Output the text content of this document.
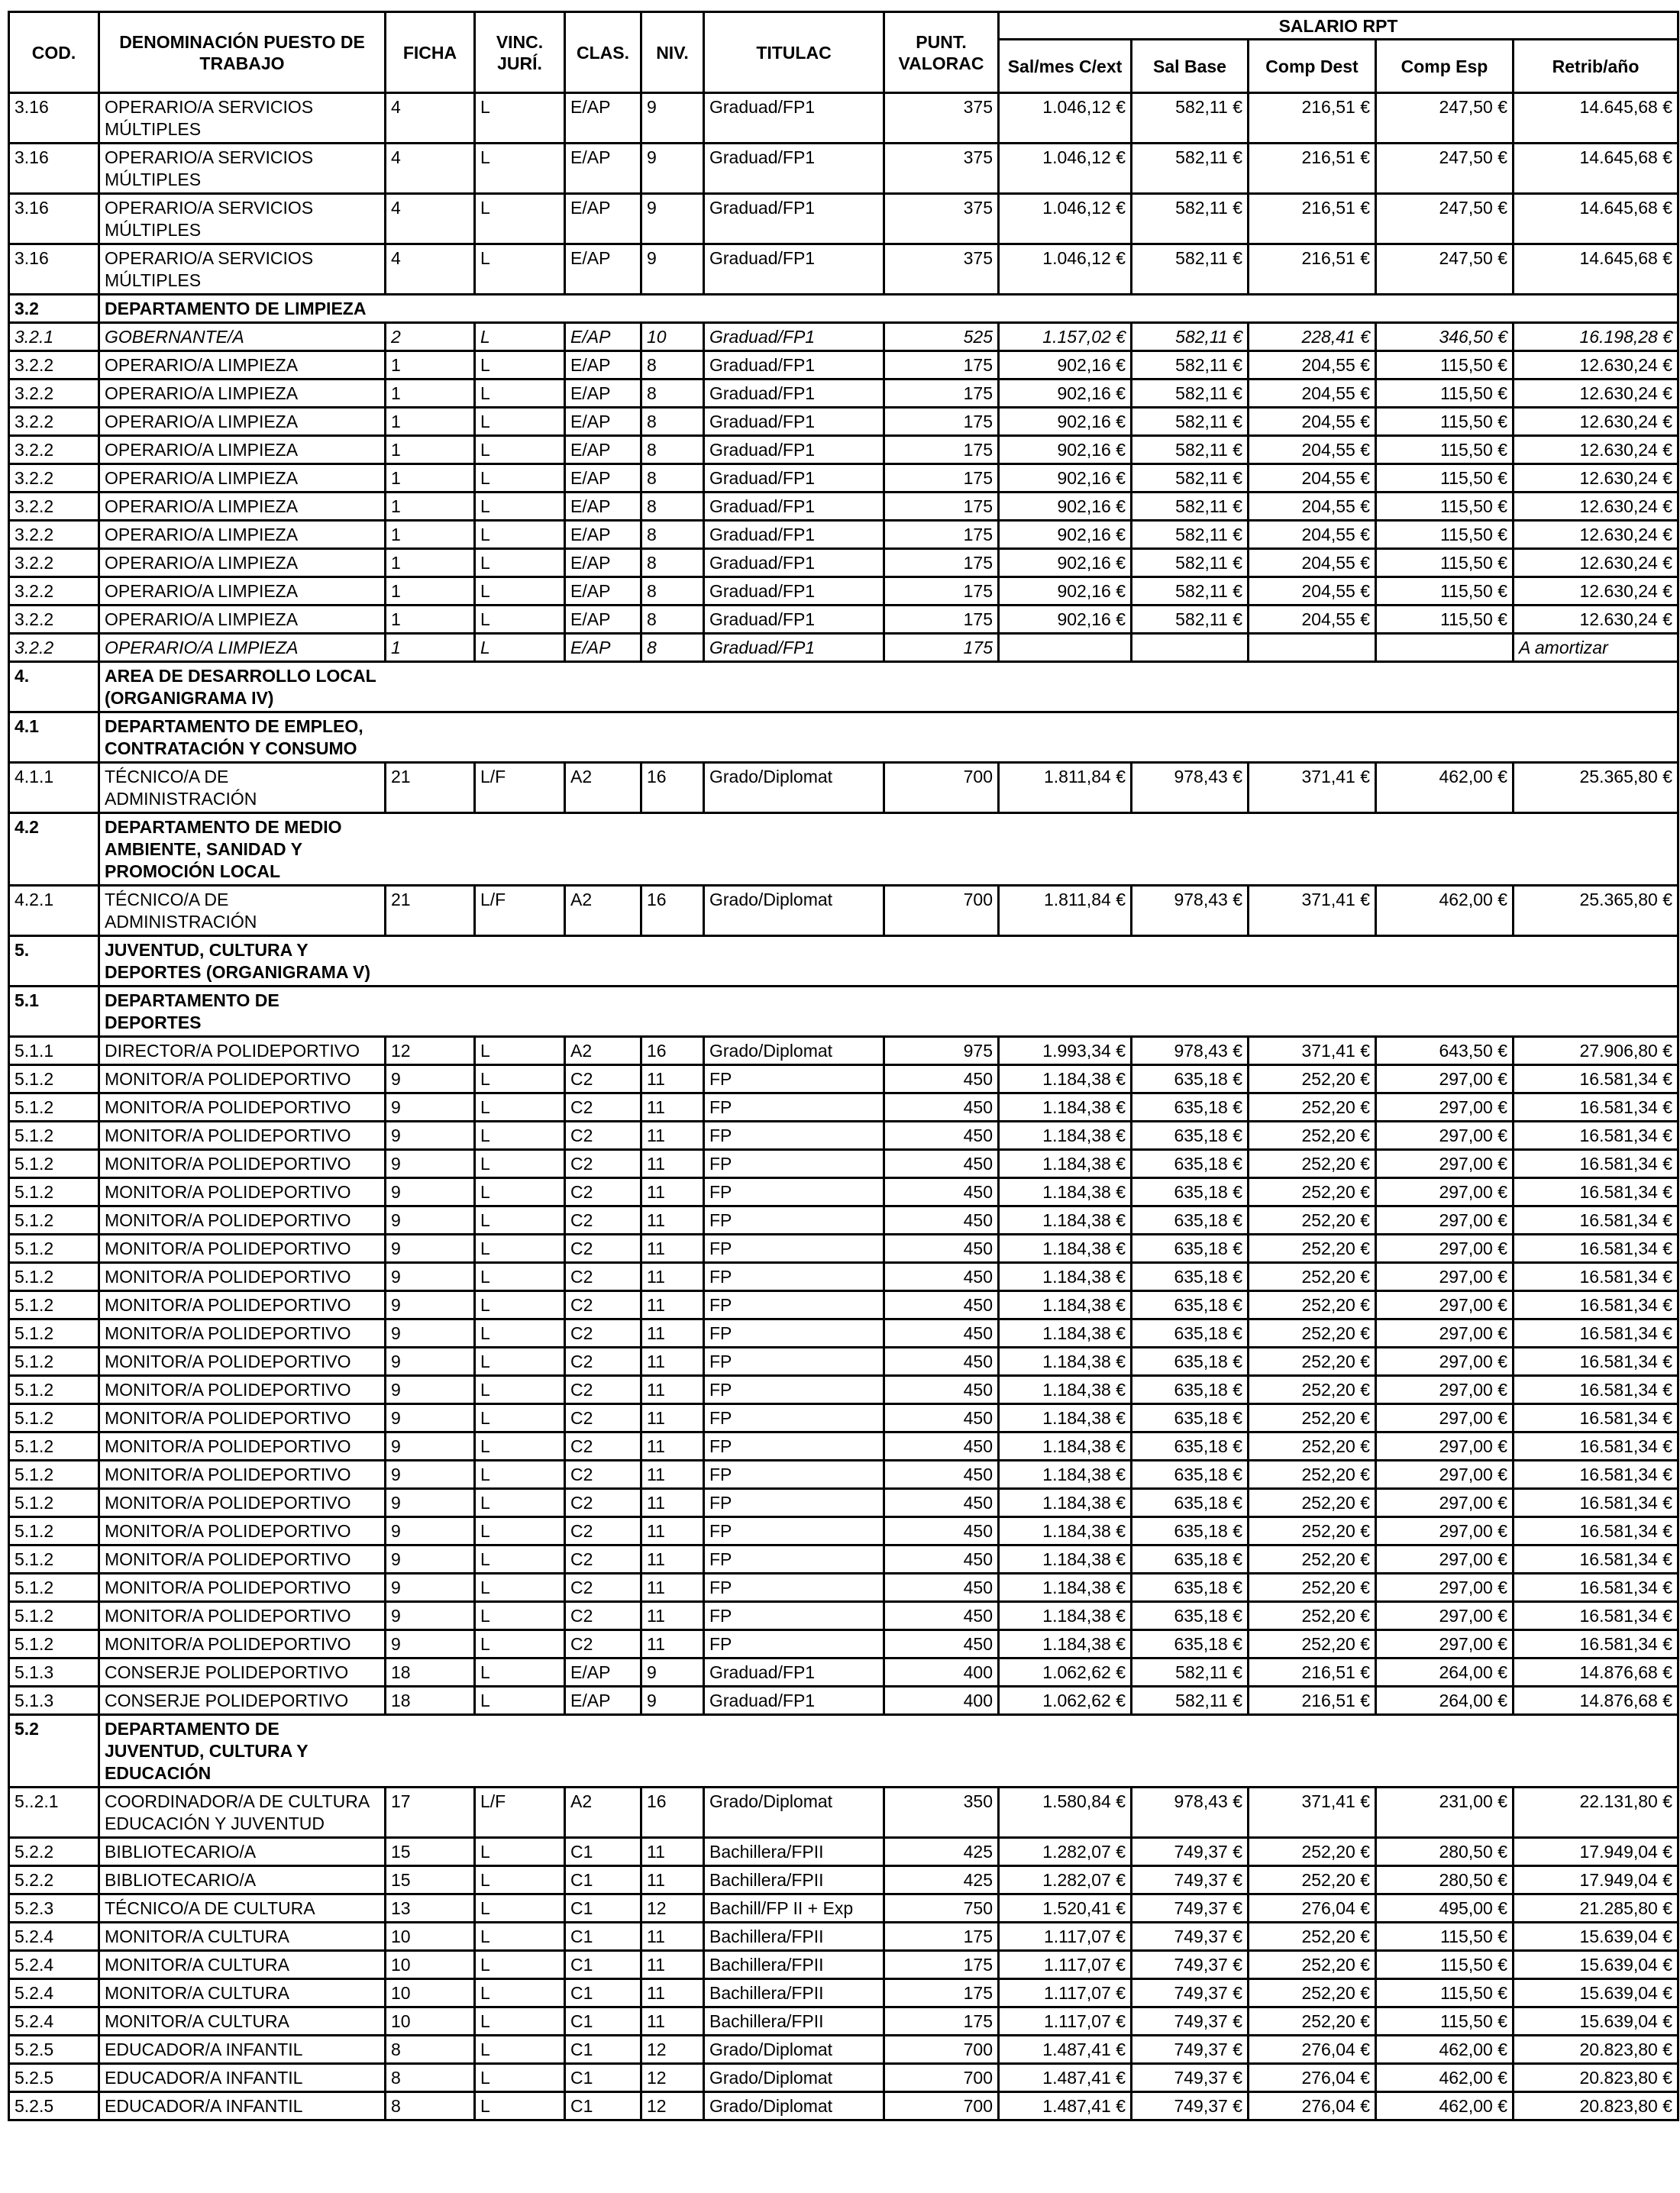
COD.	DENOMINACIÓN PUESTO DE TRABAJO	FICHA	VINC. JURÍ.	CLAS.	NIV.	TITULAC	PUNT. VALORAC	SALARIO RPT				
								Sal/mes C/ext	Sal Base	Comp Dest	Comp Esp	Retrib/año
3.16	OPERARIO/A SERVICIOS MÚLTIPLES	4	L	E/AP	9	Graduad/FP1	375	1.046,12 €	582,11 €	216,51 €	247,50 €	14.645,68 €
3.16	OPERARIO/A SERVICIOS MÚLTIPLES	4	L	E/AP	9	Graduad/FP1	375	1.046,12 €	582,11 €	216,51 €	247,50 €	14.645,68 €
3.16	OPERARIO/A SERVICIOS MÚLTIPLES	4	L	E/AP	9	Graduad/FP1	375	1.046,12 €	582,11 €	216,51 €	247,50 €	14.645,68 €
3.16	OPERARIO/A SERVICIOS MÚLTIPLES	4	L	E/AP	9	Graduad/FP1	375	1.046,12 €	582,11 €	216,51 €	247,50 €	14.645,68 €
3.2	DEPARTAMENTO DE LIMPIEZA											
3.2.1	GOBERNANTE/A	2	L	E/AP	10	Graduad/FP1	525	1.157,02 €	582,11 €	228,41 €	346,50 €	16.198,28 €
3.2.2	OPERARIO/A LIMPIEZA	1	L	E/AP	8	Graduad/FP1	175	902,16 €	582,11 €	204,55 €	115,50 €	12.630,24 €
3.2.2	OPERARIO/A LIMPIEZA	1	L	E/AP	8	Graduad/FP1	175	902,16 €	582,11 €	204,55 €	115,50 €	12.630,24 €
3.2.2	OPERARIO/A LIMPIEZA	1	L	E/AP	8	Graduad/FP1	175	902,16 €	582,11 €	204,55 €	115,50 €	12.630,24 €
3.2.2	OPERARIO/A LIMPIEZA	1	L	E/AP	8	Graduad/FP1	175	902,16 €	582,11 €	204,55 €	115,50 €	12.630,24 €
3.2.2	OPERARIO/A LIMPIEZA	1	L	E/AP	8	Graduad/FP1	175	902,16 €	582,11 €	204,55 €	115,50 €	12.630,24 €
3.2.2	OPERARIO/A LIMPIEZA	1	L	E/AP	8	Graduad/FP1	175	902,16 €	582,11 €	204,55 €	115,50 €	12.630,24 €
3.2.2	OPERARIO/A LIMPIEZA	1	L	E/AP	8	Graduad/FP1	175	902,16 €	582,11 €	204,55 €	115,50 €	12.630,24 €
3.2.2	OPERARIO/A LIMPIEZA	1	L	E/AP	8	Graduad/FP1	175	902,16 €	582,11 €	204,55 €	115,50 €	12.630,24 €
3.2.2	OPERARIO/A LIMPIEZA	1	L	E/AP	8	Graduad/FP1	175	902,16 €	582,11 €	204,55 €	115,50 €	12.630,24 €
3.2.2	OPERARIO/A LIMPIEZA	1	L	E/AP	8	Graduad/FP1	175	902,16 €	582,11 €	204,55 €	115,50 €	12.630,24 €
3.2.2	OPERARIO/A LIMPIEZA	1	L	E/AP	8	Graduad/FP1	175					A amortizar
4.	AREA DE DESARROLLO LOCAL (ORGANIGRAMA IV)											
4.1	DEPARTAMENTO DE EMPLEO, CONTRATACIÓN Y CONSUMO											
4.1.1	TÉCNICO/A DE ADMINISTRACIÓN	21	L/F	A2	16	Grado/Diplomat	700	1.811,84 €	978,43 €	371,41 €	462,00 €	25.365,80 €
4.2	DEPARTAMENTO DE MEDIO AMBIENTE, SANIDAD Y PROMOCIÓN LOCAL											
4.2.1	TÉCNICO/A DE ADMINISTRACIÓN	21	L/F	A2	16	Grado/Diplomat	700	1.811,84 €	978,43 €	371,41 €	462,00 €	25.365,80 €
5.	JUVENTUD, CULTURA Y DEPORTES (ORGANIGRAMA V)											
5.1	DEPARTAMENTO DE DEPORTES											
5.1.1	DIRECTOR/A POLIDEPORTIVO	12	L	A2	16	Grado/Diplomat	975	1.993,34 €	978,43 €	371,41 €	643,50 €	27.906,80 €
5.1.2	MONITOR/A POLIDEPORTIVO	9	L	C2	11	FP	450	1.184,38 €	635,18 €	252,20 €	297,00 €	16.581,34 €
5.1.2	MONITOR/A POLIDEPORTIVO	9	L	C2	11	FP	450	1.184,38 €	635,18 €	252,20 €	297,00 €	16.581,34 €
5.1.2	MONITOR/A POLIDEPORTIVO	9	L	C2	11	FP	450	1.184,38 €	635,18 €	252,20 €	297,00 €	16.581,34 €
5.1.2	MONITOR/A POLIDEPORTIVO	9	L	C2	11	FP	450	1.184,38 €	635,18 €	252,20 €	297,00 €	16.581,34 €
5.1.2	MONITOR/A POLIDEPORTIVO	9	L	C2	11	FP	450	1.184,38 €	635,18 €	252,20 €	297,00 €	16.581,34 €
5.1.2	MONITOR/A POLIDEPORTIVO	9	L	C2	11	FP	450	1.184,38 €	635,18 €	252,20 €	297,00 €	16.581,34 €
5.1.2	MONITOR/A POLIDEPORTIVO	9	L	C2	11	FP	450	1.184,38 €	635,18 €	252,20 €	297,00 €	16.581,34 €
5.1.2	MONITOR/A POLIDEPORTIVO	9	L	C2	11	FP	450	1.184,38 €	635,18 €	252,20 €	297,00 €	16.581,34 €
5.1.2	MONITOR/A POLIDEPORTIVO	9	L	C2	11	FP	450	1.184,38 €	635,18 €	252,20 €	297,00 €	16.581,34 €
5.1.2	MONITOR/A POLIDEPORTIVO	9	L	C2	11	FP	450	1.184,38 €	635,18 €	252,20 €	297,00 €	16.581,34 €
5.1.2	MONITOR/A POLIDEPORTIVO	9	L	C2	11	FP	450	1.184,38 €	635,18 €	252,20 €	297,00 €	16.581,34 €
5.1.2	MONITOR/A POLIDEPORTIVO	9	L	C2	11	FP	450	1.184,38 €	635,18 €	252,20 €	297,00 €	16.581,34 €
5.1.2	MONITOR/A POLIDEPORTIVO	9	L	C2	11	FP	450	1.184,38 €	635,18 €	252,20 €	297,00 €	16.581,34 €
5.1.2	MONITOR/A POLIDEPORTIVO	9	L	C2	11	FP	450	1.184,38 €	635,18 €	252,20 €	297,00 €	16.581,34 €
5.1.2	MONITOR/A POLIDEPORTIVO	9	L	C2	11	FP	450	1.184,38 €	635,18 €	252,20 €	297,00 €	16.581,34 €
5.1.2	MONITOR/A POLIDEPORTIVO	9	L	C2	11	FP	450	1.184,38 €	635,18 €	252,20 €	297,00 €	16.581,34 €
5.1.2	MONITOR/A POLIDEPORTIVO	9	L	C2	11	FP	450	1.184,38 €	635,18 €	252,20 €	297,00 €	16.581,34 €
5.1.2	MONITOR/A POLIDEPORTIVO	9	L	C2	11	FP	450	1.184,38 €	635,18 €	252,20 €	297,00 €	16.581,34 €
5.1.2	MONITOR/A POLIDEPORTIVO	9	L	C2	11	FP	450	1.184,38 €	635,18 €	252,20 €	297,00 €	16.581,34 €
5.1.2	MONITOR/A POLIDEPORTIVO	9	L	C2	11	FP	450	1.184,38 €	635,18 €	252,20 €	297,00 €	16.581,34 €
5.1.2	MONITOR/A POLIDEPORTIVO	9	L	C2	11	FP	450	1.184,38 €	635,18 €	252,20 €	297,00 €	16.581,34 €
5.1.3	CONSERJE POLIDEPORTIVO	18	L	E/AP	9	Graduad/FP1	400	1.062,62 €	582,11 €	216,51 €	264,00 €	14.876,68 €
5.1.3	CONSERJE POLIDEPORTIVO	18	L	E/AP	9	Graduad/FP1	400	1.062,62 €	582,11 €	216,51 €	264,00 €	14.876,68 €
5.2	DEPARTAMENTO DE JUVENTUD, CULTURA Y EDUCACIÓN											
5..2.1	COORDINADOR/A DE CULTURA EDUCACIÓN Y JUVENTUD	17	L/F	A2	16	Grado/Diplomat	350	1.580,84 €	978,43 €	371,41 €	231,00 €	22.131,80 €
5.2.2	BIBLIOTECARIO/A	15	L	C1	11	Bachillera/FPII	425	1.282,07 €	749,37 €	252,20 €	280,50 €	17.949,04 €
5.2.2	BIBLIOTECARIO/A	15	L	C1	11	Bachillera/FPII	425	1.282,07 €	749,37 €	252,20 €	280,50 €	17.949,04 €
5.2.3	TÉCNICO/A DE CULTURA	13	L	C1	12	Bachill/FP II + Exp	750	1.520,41 €	749,37 €	276,04 €	495,00 €	21.285,80 €
5.2.4	MONITOR/A CULTURA	10	L	C1	11	Bachillera/FPII	175	1.117,07 €	749,37 €	252,20 €	115,50 €	15.639,04 €
5.2.4	MONITOR/A CULTURA	10	L	C1	11	Bachillera/FPII	175	1.117,07 €	749,37 €	252,20 €	115,50 €	15.639,04 €
5.2.4	MONITOR/A CULTURA	10	L	C1	11	Bachillera/FPII	175	1.117,07 €	749,37 €	252,20 €	115,50 €	15.639,04 €
5.2.4	MONITOR/A CULTURA	10	L	C1	11	Bachillera/FPII	175	1.117,07 €	749,37 €	252,20 €	115,50 €	15.639,04 €
5.2.5	EDUCADOR/A INFANTIL	8	L	C1	12	Grado/Diplomat	700	1.487,41 €	749,37 €	276,04 €	462,00 €	20.823,80 €
5.2.5	EDUCADOR/A INFANTIL	8	L	C1	12	Grado/Diplomat	700	1.487,41 €	749,37 €	276,04 €	462,00 €	20.823,80 €
5.2.5	EDUCADOR/A INFANTIL	8	L	C1	12	Grado/Diplomat	700	1.487,41 €	749,37 €	276,04 €	462,00 €	20.823,80 €
